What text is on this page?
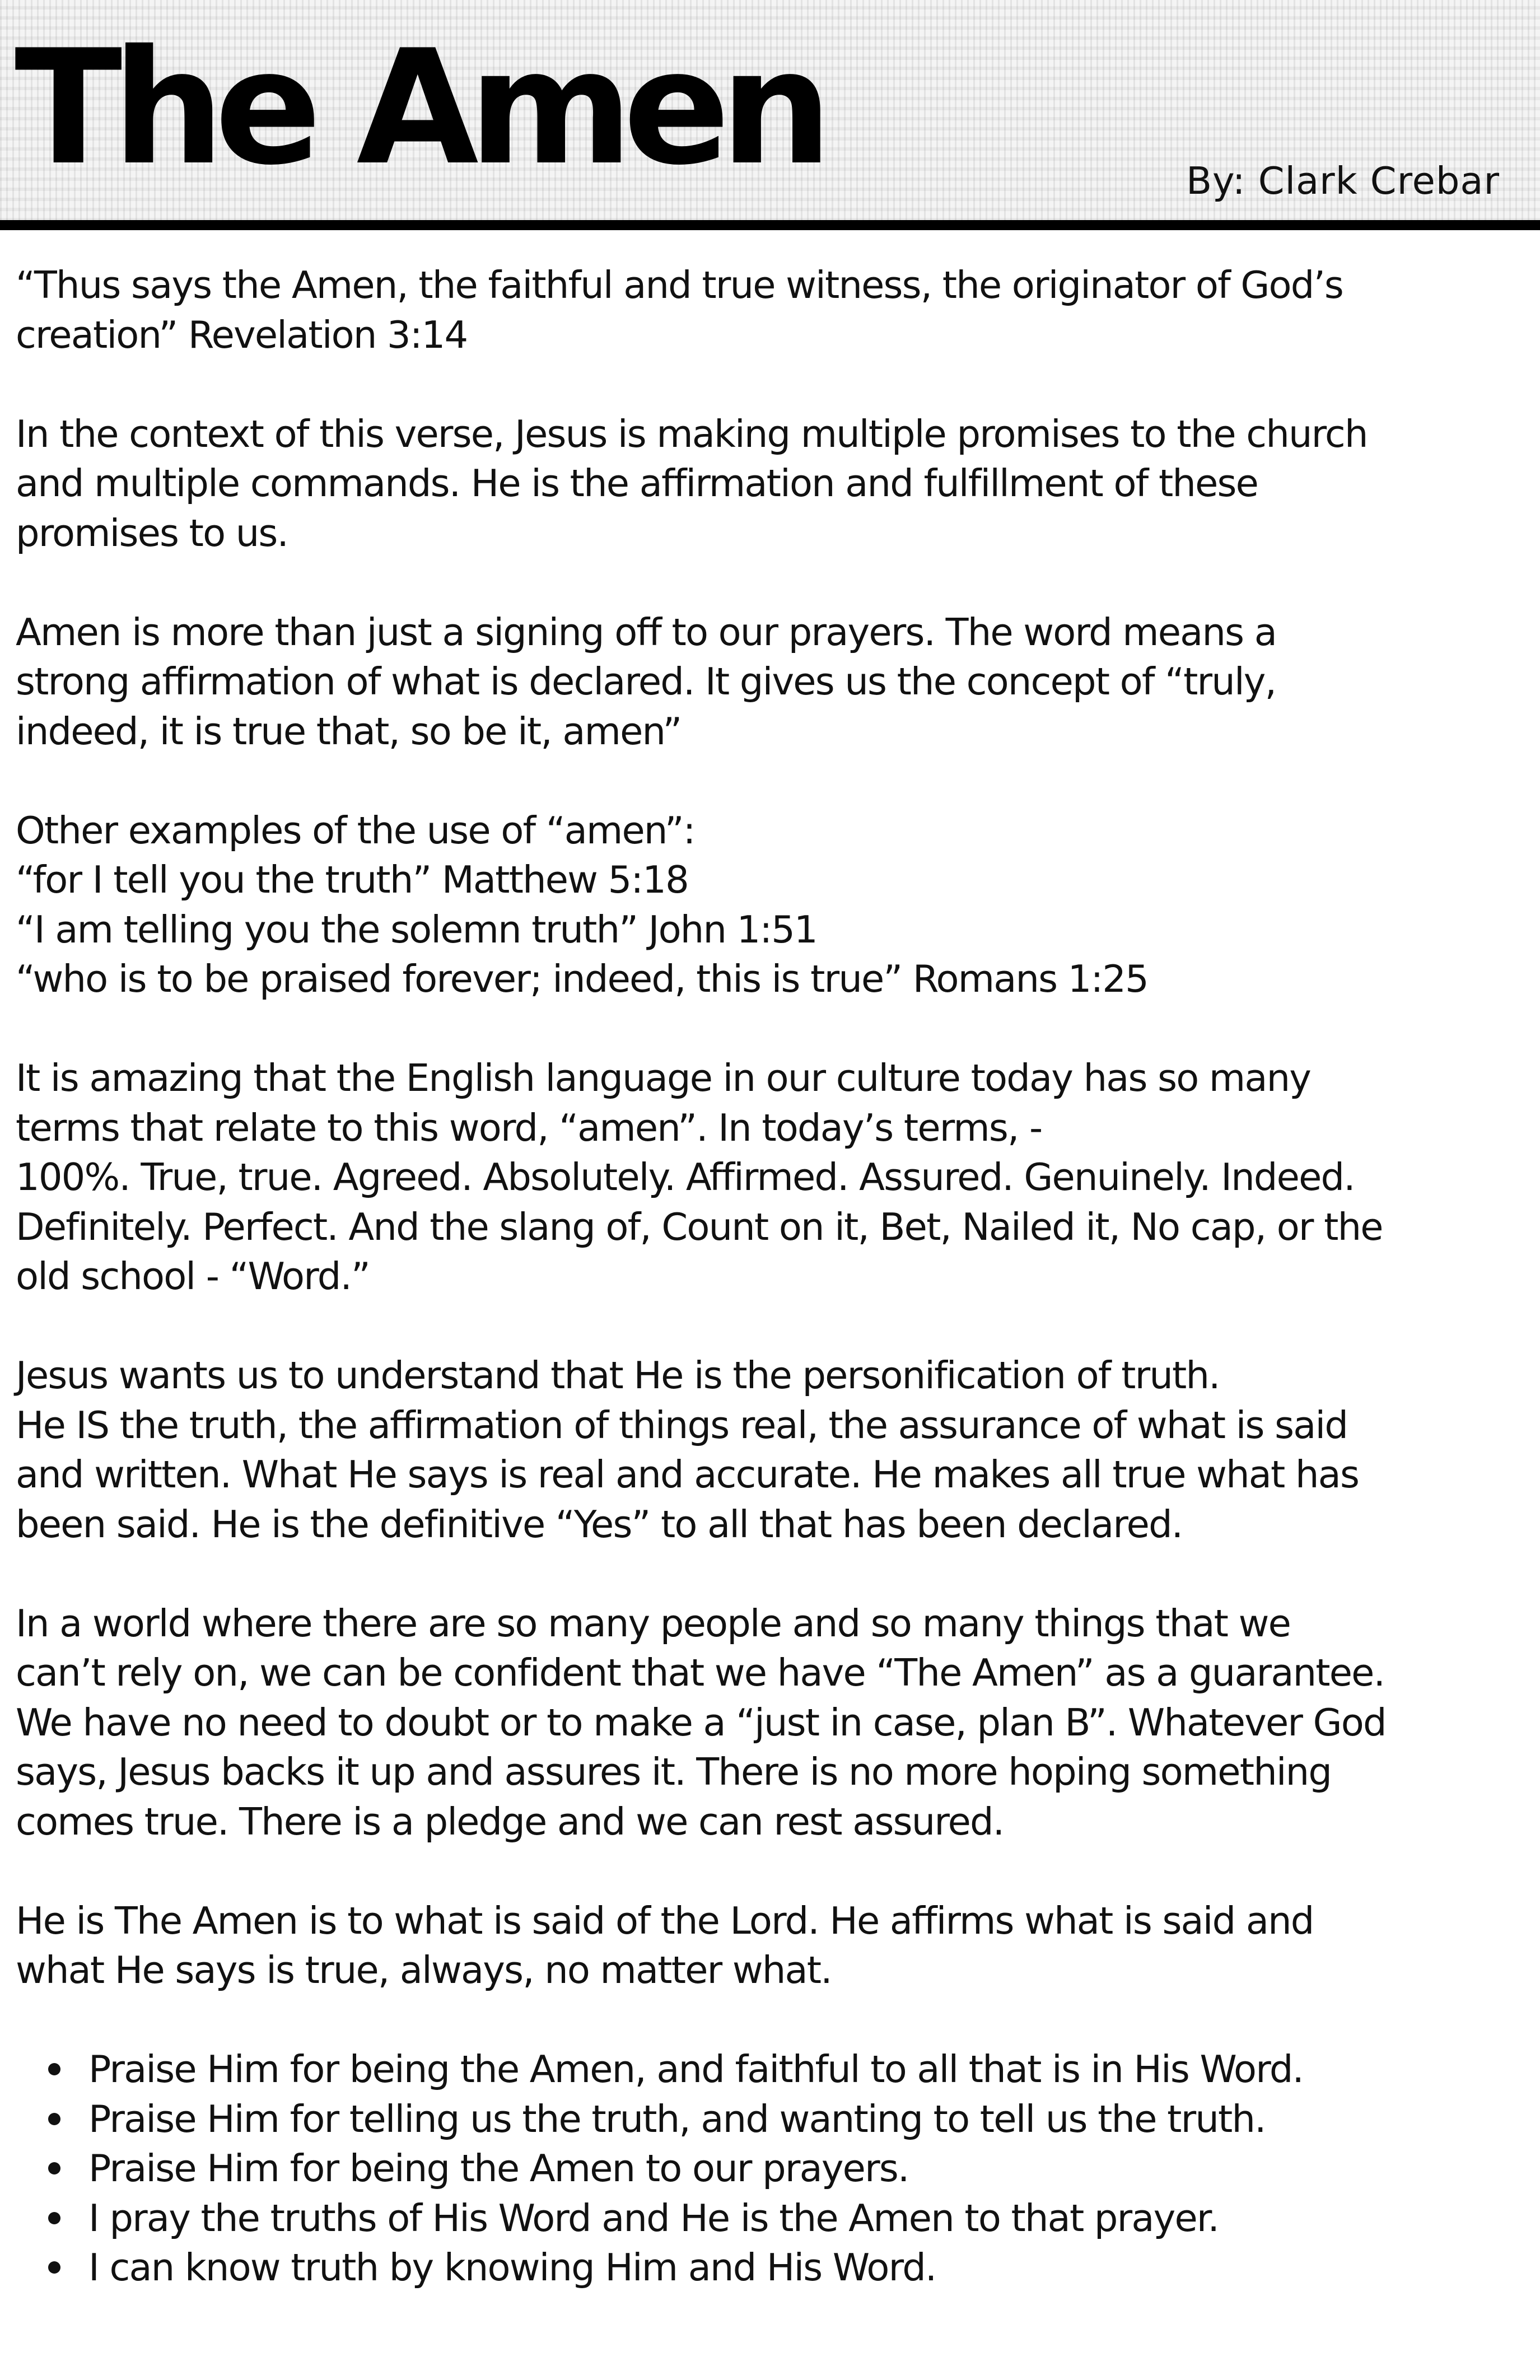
The Amen	By: Clark Crebar

“Thus says the Amen, the faithful and true witness, the originator of God’s
creation” Revelation 3:14

In the context of this verse, Jesus is making multiple promises to the church
and multiple commands. He is the affirmation and fulfillment of these
promises to us.

Amen is more than just a signing off to our prayers. The word means a
strong affirmation of what is declared. It gives us the concept of “truly,
indeed, it is true that, so be it, amen”

Other examples of the use of “amen”:
“for I tell you the truth” Matthew 5:18
“I am telling you the solemn truth” John 1:51
“who is to be praised forever; indeed, this is true” Romans 1:25

It is amazing that the English language in our culture today has so many
terms that relate to this word, “amen”. In today’s terms, -
100%. True, true. Agreed. Absolutely. Affirmed. Assured. Genuinely. Indeed.
Definitely. Perfect. And the slang of, Count on it, Bet, Nailed it, No cap, or the
old school - “Word.”

Jesus wants us to understand that He is the personification of truth.
He IS the truth, the affirmation of things real, the assurance of what is said
and written. What He says is real and accurate. He makes all true what has
been said. He is the definitive “Yes” to all that has been declared.

In a world where there are so many people and so many things that we
can’t rely on, we can be confident that we have “The Amen” as a guarantee.
We have no need to doubt or to make a “just in case, plan B”. Whatever God
says, Jesus backs it up and assures it. There is no more hoping something
comes true. There is a pledge and we can rest assured.

He is The Amen is to what is said of the Lord. He affirms what is said and
what He says is true, always, no matter what.

Praise Him for being the Amen, and faithful to all that is in His Word.
Praise Him for telling us the truth, and wanting to tell us the truth.
Praise Him for being the Amen to our prayers.
I pray the truths of His Word and He is the Amen to that prayer.
I can know truth by knowing Him and His Word.
